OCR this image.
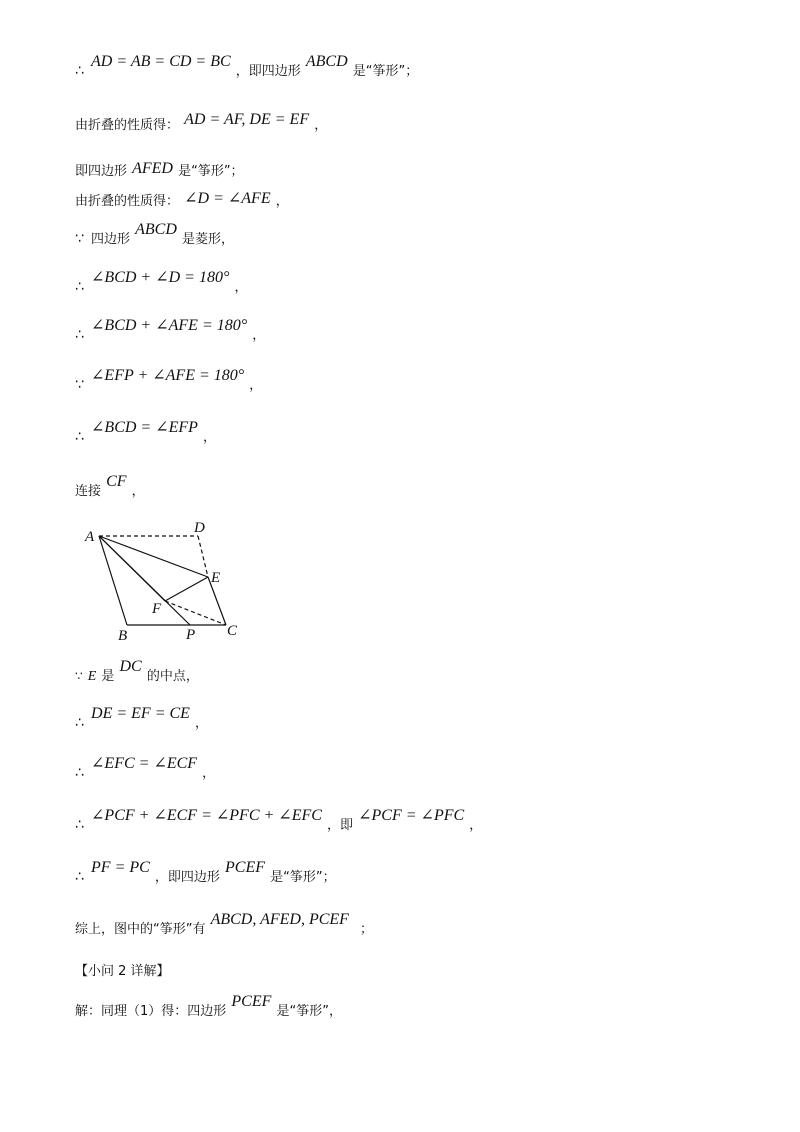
∴ AD = AB = CD = BC ，即四边形 ABCD 是“筝形”；
由折叠的性质得： AD = AF, DE = EF ，
即四边形 AFED 是“筝形”；
由折叠的性质得： ∠D = ∠AFE ，
∵ 四边形 ABCD 是菱形，
∴ ∠BCD + ∠D = 180° ，
∴ ∠BCD + ∠AFE = 180° ，
∵ ∠EFP + ∠AFE = 180° ，
∴ ∠BCD = ∠EFP ，
连接 CF ，
A
D
E
F
B	P C
∵ E 是 DC 的中点，
∴ DE = EF = CE ，
∴ ∠EFC = ∠ECF ，
∴ ∠PCF + ∠ECF = ∠PFC + ∠EFC ，即 ∠PCF = ∠PFC ，
∴ PF = PC ，即四边形 PCEF 是“筝形”；
综上，图中的“筝形”有 ABCD, AFED, PCEF ；
【小问 2 详解】
解：同理（1）得：四边形 PCEF 是“筝形”，
